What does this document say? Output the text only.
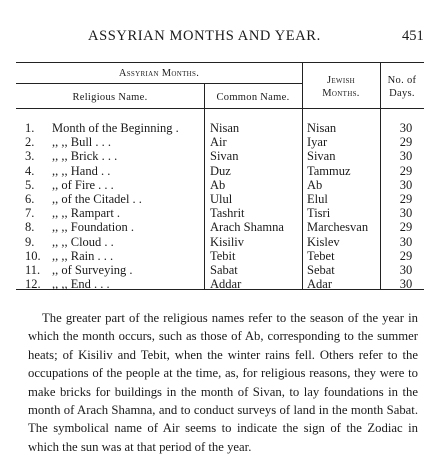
ASSYRIAN MONTHS AND YEAR.	451
Assyrian Months.
Religious Name.	Common Name.
Jewish
Months.
No. of
Days.
1.	Month of the Beginning .	Nisan	Nisan	30
2.	,, ,, Bull . . .	Air	Iyar	29
3.	,, ,, Brick . . .	Sivan	Sivan	30
4.	,, ,, Hand . .	Duz	Tammuz	29
5.	,, of Fire . . .	Ab	Ab	30
6.	,, of the Citadel . .	Ulul	Elul	29
7.	,, ,, Rampart .	Tashrit	Tisri	30
8.	,, ,, Foundation .	Arach Shamna	Marchesvan	29
9.	,, ,, Cloud . .	Kisiliv	Kislev	30
10. ,, ,, Rain . . .	Tebit	Tebet	29
11. ,, of Surveying .	Sabat	Sebat	30
12. ,, ,, End . . .	Addar	Adar	30

The greater part of the religious names refer to the season of the year in which the month occurs, such as those of Ab, corresponding to the summer heats; of Kisiliv and Tebit, when the winter rains fell. Others refer to the occupations of the people at the time, as, for religious reasons, they were to make bricks for buildings in the month of Sivan, to lay foundations in the month of Arach Shamna, and to conduct surveys of land in the month Sabat. The symbolical name of Air seems to indicate the sign of the Zodiac in which the sun was at that period of the year.
